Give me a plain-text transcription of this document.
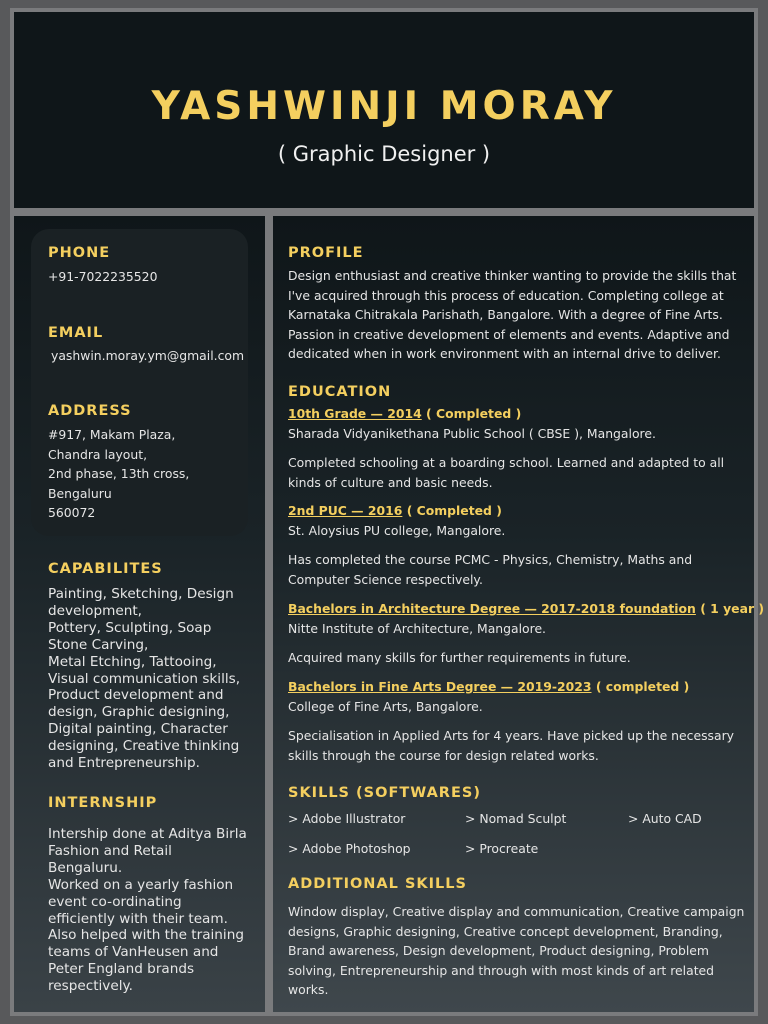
YASHWINJI MORAY
( Graphic Designer )
PHONE
+91-7022235520
EMAIL
yashwin.moray.ym@gmail.com
ADDRESS
#917, Makam Plaza,
Chandra layout,
2nd phase, 13th cross,
Bengaluru
560072
CAPABILITES
Painting, Sketching, Design
development,
Pottery, Sculpting, Soap
Stone Carving,
Metal Etching, Tattooing,
Visual communication skills,
Product development and
design, Graphic designing,
Digital painting, Character
designing, Creative thinking
and Entrepreneurship.
INTERNSHIP
Intership done at Aditya Birla
Fashion and Retail
Bengaluru.
Worked on a yearly fashion
event co-ordinating
efficiently with their team.
Also helped with the training
teams of VanHeusen and
Peter England brands
respectively.
PROFILE
Design enthusiast and creative thinker wanting to provide the skills that
I've acquired through this process of education. Completing college at
Karnataka Chitrakala Parishath, Bangalore. With a degree of Fine Arts.
Passion in creative development of elements and events. Adaptive and
dedicated when in work environment with an internal drive to deliver.
EDUCATION
10th Grade — 2014 ( Completed )
Sharada Vidyanikethana Public School ( CBSE ), Mangalore.
Completed schooling at a boarding school. Learned and adapted to all
kinds of culture and basic needs.
2nd PUC — 2016 ( Completed )
St. Aloysius PU college, Mangalore.
Has completed the course PCMC - Physics, Chemistry, Maths and
Computer Science respectively.
Bachelors in Architecture Degree — 2017-2018 foundation ( 1 year )
Nitte Institute of Architecture, Mangalore.
Acquired many skills for further requirements in future.
Bachelors in Fine Arts Degree — 2019-2023 ( completed )
College of Fine Arts, Bangalore.
Specialisation in Applied Arts for 4 years. Have picked up the necessary
skills through the course for design related works.
SKILLS (SOFTWARES)
> Adobe Illustrator	> Nomad Sculpt	> Auto CAD
> Adobe Photoshop	> Procreate
ADDITIONAL SKILLS
Window display, Creative display and communication, Creative campaign
designs, Graphic designing, Creative concept development, Branding,
Brand awareness, Design development, Product designing, Problem
solving, Entrepreneurship and through with most kinds of art related
works.
